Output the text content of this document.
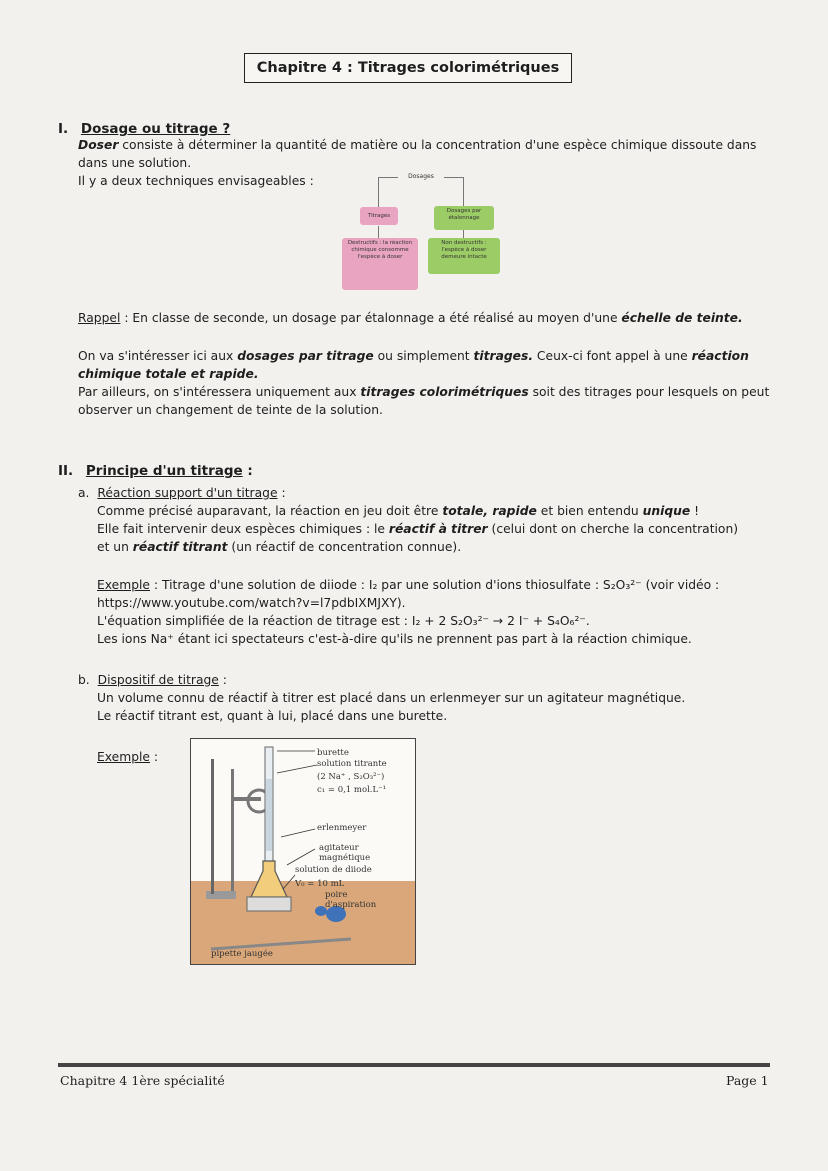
Chapitre 4 : Titrages colorimétriques
I. Dosage ou titrage ?

Doser consiste à déterminer la quantité de matière ou la concentration d'une espèce chimique dissoute dans

dans une solution.

Il y a deux techniques envisageables :	Dosages
Titrages
Destructifs : la réaction chimique consomme l'espèce à doser
Dosages par étalonnage
Non destructifs : l'espèce à doser demeure intacte
Rappel : En classe de seconde, un dosage par étalonnage a été réalisé au moyen d'une échelle de teinte.

On va s'intéresser ici aux dosages par titrage ou simplement titrages. Ceux-ci font appel à une réaction

chimique totale et rapide.

Par ailleurs, on s'intéressera uniquement aux titrages colorimétriques soit des titrages pour lesquels on peut

observer un changement de teinte de la solution.

II. Principe d'un titrage :
a. Réaction support d'un titrage :

Comme précisé auparavant, la réaction en jeu doit être totale, rapide et bien entendu unique !

Elle fait intervenir deux espèces chimiques : le réactif à titrer (celui dont on cherche la concentration)

et un réactif titrant (un réactif de concentration connue).

Exemple : Titrage d'une solution de diiode : I₂ par une solution d'ions thiosulfate : S₂O₃²⁻ (voir vidéo :

https://www.youtube.com/watch?v=l7pdbIXMJXY).

L'équation simplifiée de la réaction de titrage est : I₂ + 2 S₂O₃²⁻ → 2 I⁻ + S₄O₆²⁻.

Les ions Na⁺ étant ici spectateurs c'est-à-dire qu'ils ne prennent pas part à la réaction chimique.

b. Dispositif de titrage :

Un volume connu de réactif à titrer est placé dans un erlenmeyer sur un agitateur magnétique.

Le réactif titrant est, quant à lui, placé dans une burette.

Exemple :	burette
solution titrante
(2 Na⁺ , S₂O₃²⁻)
c₁ = 0,1 mol.L⁻¹
erlenmeyer
agitateur
magnétique
solution de diiode
V₀ = 10 mL
poire
d'aspiration
pipette jaugée
Chapitre 4 1ère spécialité	Page 1
